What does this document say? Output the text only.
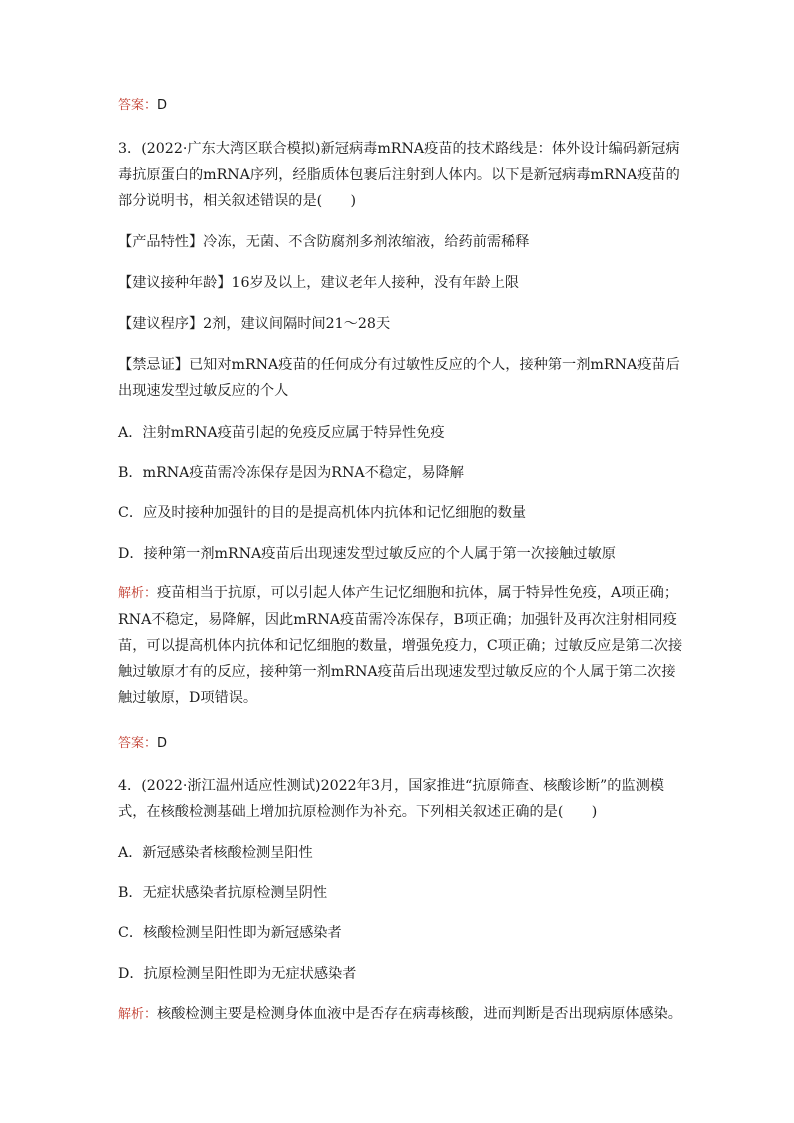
答案：D

3．(2022·广东大湾区联合模拟)新冠病毒mRNA疫苗的技术路线是：体外设计编码新冠病毒抗原蛋白的mRNA序列，经脂质体包裹后注射到人体内。以下是新冠病毒mRNA疫苗的部分说明书，相关叙述错误的是(　　)

【产品特性】冷冻，无菌、不含防腐剂多剂浓缩液，给药前需稀释

【建议接种年龄】16岁及以上，建议老年人接种，没有年龄上限

【建议程序】2剂，建议间隔时间21～28天

【禁忌证】已知对mRNA疫苗的任何成分有过敏性反应的个人，接种第一剂mRNA疫苗后出现速发型过敏反应的个人

A．注射mRNA疫苗引起的免疫反应属于特异性免疫

B．mRNA疫苗需冷冻保存是因为RNA不稳定，易降解

C．应及时接种加强针的目的是提高机体内抗体和记忆细胞的数量

D．接种第一剂mRNA疫苗后出现速发型过敏反应的个人属于第一次接触过敏原

解析：疫苗相当于抗原，可以引起人体产生记忆细胞和抗体，属于特异性免疫，A项正确；RNA不稳定，易降解，因此mRNA疫苗需冷冻保存，B项正确；加强针及再次注射相同疫苗，可以提高机体内抗体和记忆细胞的数量，增强免疫力，C项正确；过敏反应是第二次接触过敏原才有的反应，接种第一剂mRNA疫苗后出现速发型过敏反应的个人属于第二次接触过敏原，D项错误。

答案：D

4．(2022·浙江温州适应性测试)2022年3月，国家推进“抗原筛查、核酸诊断”的监测模式，在核酸检测基础上增加抗原检测作为补充。下列相关叙述正确的是(　　)

A．新冠感染者核酸检测呈阳性

B．无症状感染者抗原检测呈阴性

C．核酸检测呈阳性即为新冠感染者

D．抗原检测呈阳性即为无症状感染者

解析：核酸检测主要是检测身体血液中是否存在病毒核酸，进而判断是否出现病原体感染。
